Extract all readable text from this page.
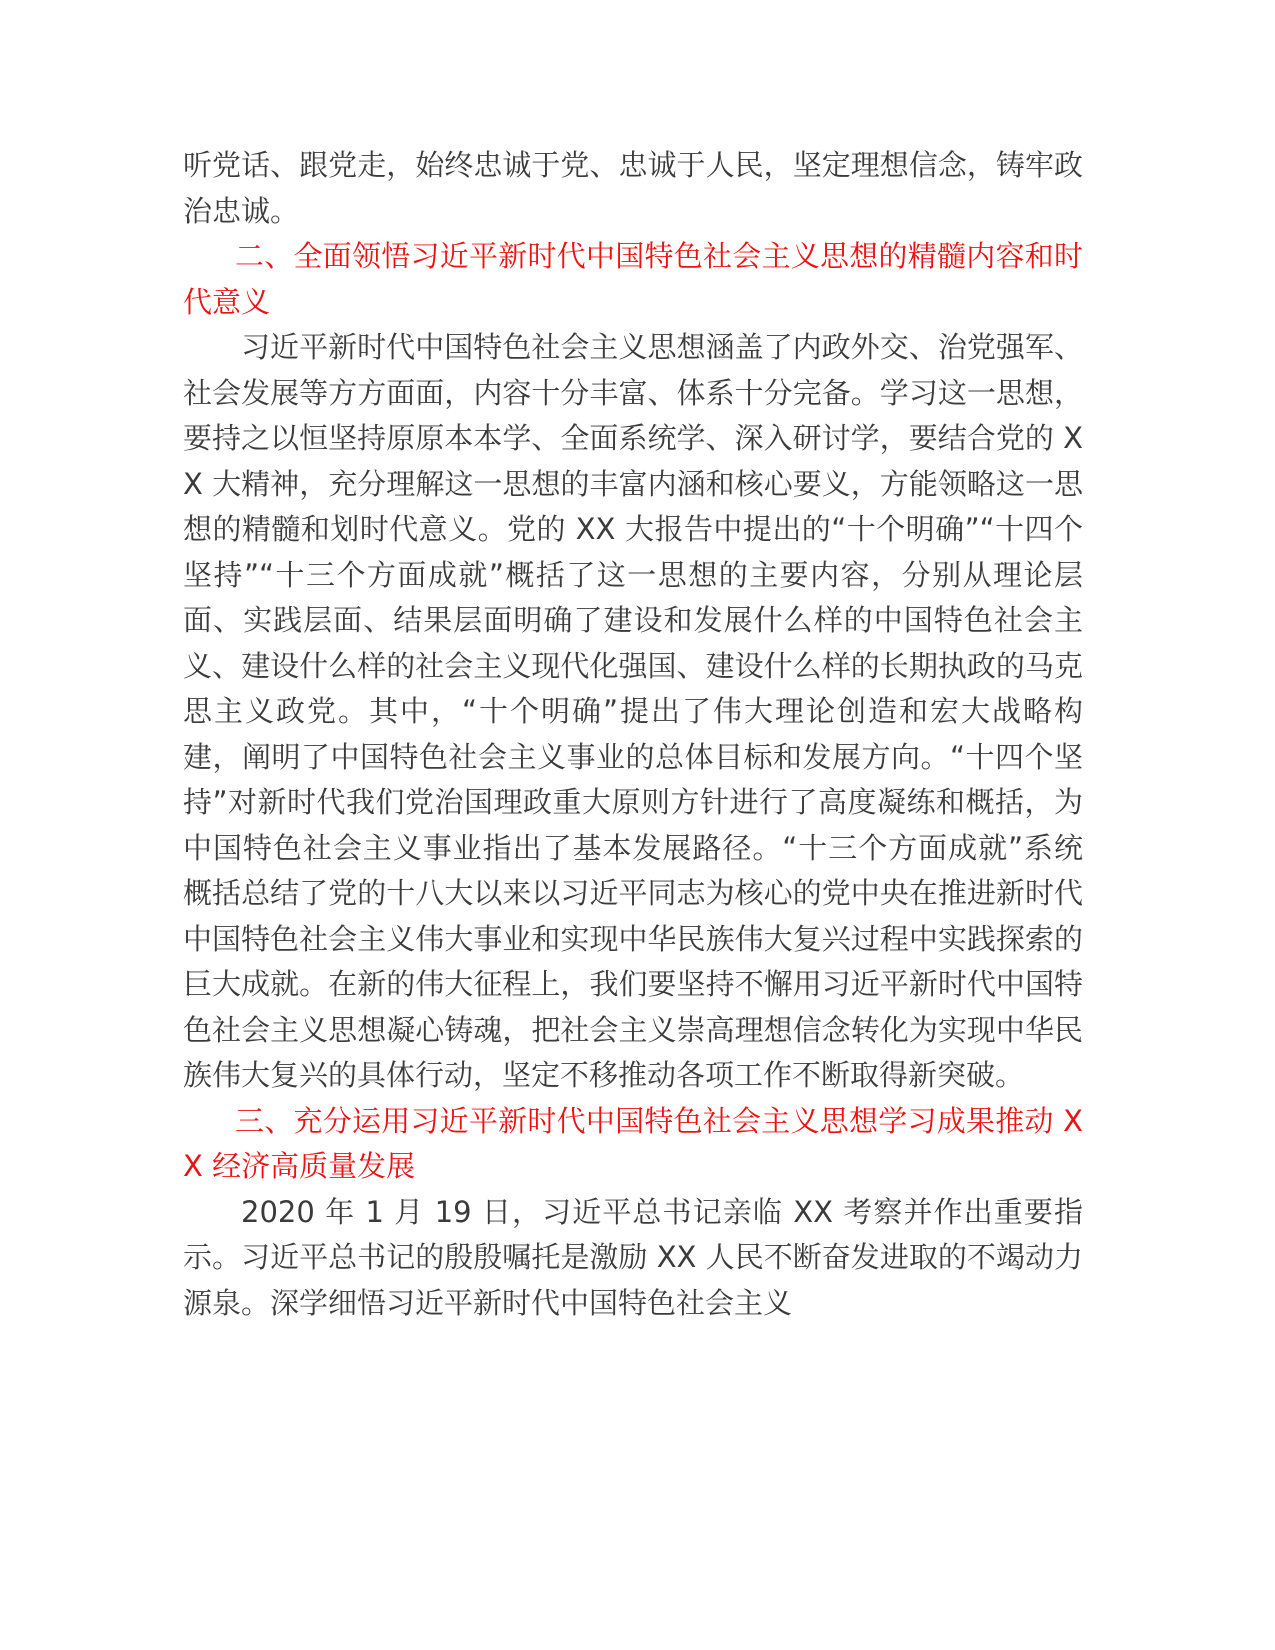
听党话、跟党走，始终忠诚于党、忠诚于人民，坚定理想信念，铸牢政治忠诚。

二、全面领悟习近平新时代中国特色社会主义思想的精髓内容和时代意义

习近平新时代中国特色社会主义思想涵盖了内政外交、治党强军、社会发展等方方面面，内容十分丰富、体系十分完备。学习这一思想，要持之以恒坚持原原本本学、全面系统学、深入研讨学，要结合党的 XX 大精神，充分理解这一思想的丰富内涵和核心要义，方能领略这一思想的精髓和划时代意义。党的 XX 大报告中提出的“十个明确”“十四个坚持”“十三个方面成就”概括了这一思想的主要内容，分别从理论层面、实践层面、结果层面明确了建设和发展什么样的中国特色社会主义、建设什么样的社会主义现代化强国、建设什么样的长期执政的马克思主义政党。其中，“十个明确”提出了伟大理论创造和宏大战略构建，阐明了中国特色社会主义事业的总体目标和发展方向。“十四个坚持”对新时代我们党治国理政重大原则方针进行了高度凝练和概括，为中国特色社会主义事业指出了基本发展路径。“十三个方面成就”系统概括总结了党的十八大以来以习近平同志为核心的党中央在推进新时代中国特色社会主义伟大事业和实现中华民族伟大复兴过程中实践探索的巨大成就。在新的伟大征程上，我们要坚持不懈用习近平新时代中国特色社会主义思想凝心铸魂，把社会主义崇高理想信念转化为实现中华民族伟大复兴的具体行动，坚定不移推动各项工作不断取得新突破。

三、充分运用习近平新时代中国特色社会主义思想学习成果推动 XX 经济高质量发展

2020 年 1 月 19 日，习近平总书记亲临 XX 考察并作出重要指示。习近平总书记的殷殷嘱托是激励 XX 人民不断奋发进取的不竭动力源泉。深学细悟习近平新时代中国特色社会主义
